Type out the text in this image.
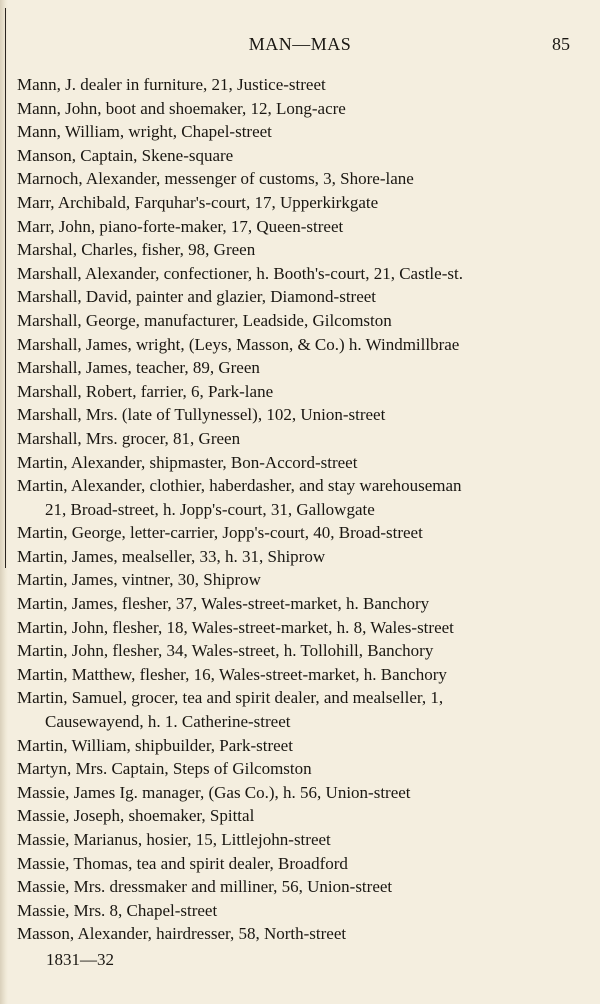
MAN—MAS	85
Mann, J. dealer in furniture, 21, Justice-street
Mann, John, boot and shoemaker, 12, Long-acre
Mann, William, wright, Chapel-street
Manson, Captain, Skene-square
Marnoch, Alexander, messenger of customs, 3, Shore-lane
Marr, Archibald, Farquhar's-court, 17, Upperkirkgate
Marr, John, piano-forte-maker, 17, Queen-street
Marshal, Charles, fisher, 98, Green
Marshall, Alexander, confectioner, h. Booth's-court, 21, Castle-st.
Marshall, David, painter and glazier, Diamond-street
Marshall, George, manufacturer, Leadside, Gilcomston
Marshall, James, wright, (Leys, Masson, & Co.) h. Windmillbrae
Marshall, James, teacher, 89, Green
Marshall, Robert, farrier, 6, Park-lane
Marshall, Mrs. (late of Tullynessel), 102, Union-street
Marshall, Mrs. grocer, 81, Green
Martin, Alexander, shipmaster, Bon-Accord-street
Martin, Alexander, clothier, haberdasher, and stay warehouseman
21, Broad-street, h. Jopp's-court, 31, Gallowgate
Martin, George, letter-carrier, Jopp's-court, 40, Broad-street
Martin, James, mealseller, 33, h. 31, Shiprow
Martin, James, vintner, 30, Shiprow
Martin, James, flesher, 37, Wales-street-market, h. Banchory
Martin, John, flesher, 18, Wales-street-market, h. 8, Wales-street
Martin, John, flesher, 34, Wales-street, h. Tollohill, Banchory
Martin, Matthew, flesher, 16, Wales-street-market, h. Banchory
Martin, Samuel, grocer, tea and spirit dealer, and mealseller, 1,
Causewayend, h. 1. Catherine-street
Martin, William, shipbuilder, Park-street
Martyn, Mrs. Captain, Steps of Gilcomston
Massie, James Ig. manager, (Gas Co.), h. 56, Union-street
Massie, Joseph, shoemaker, Spittal
Massie, Marianus, hosier, 15, Littlejohn-street
Massie, Thomas, tea and spirit dealer, Broadford
Massie, Mrs. dressmaker and milliner, 56, Union-street
Massie, Mrs. 8, Chapel-street
Masson, Alexander, hairdresser, 58, North-street
1831—32
